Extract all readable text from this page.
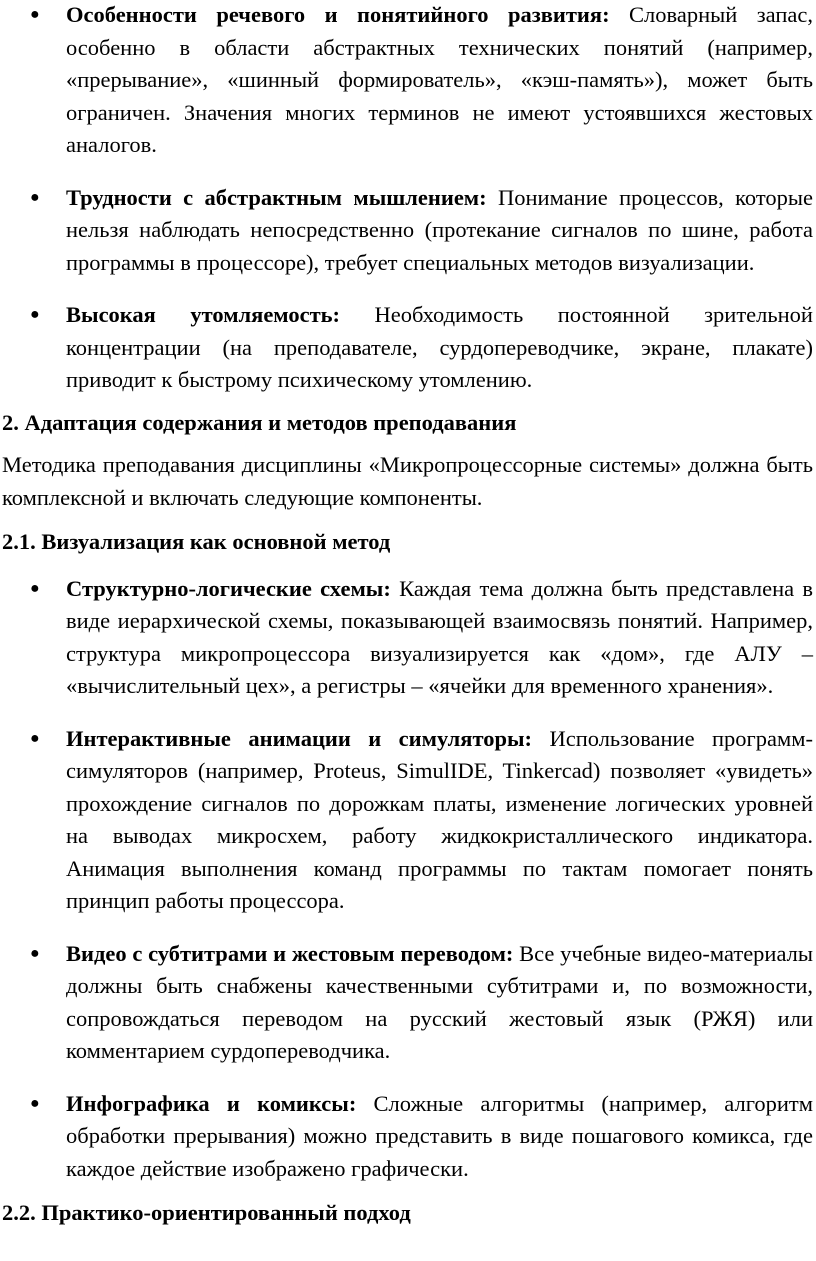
● Особенности речевого и понятийного развития: Словарный запас, особенно в области абстрактных технических понятий (например, «прерывание», «шинный формирователь», «кэш-память»), может быть ограничен. Значения многих терминов не имеют устоявшихся жестовых аналогов.
● Трудности с абстрактным мышлением: Понимание процессов, которые нельзя наблюдать непосредственно (протекание сигналов по шине, работа программы в процессоре), требует специальных методов визуализации.
● Высокая утомляемость: Необходимость постоянной зрительной концентрации (на преподавателе, сурдопереводчике, экране, плакате) приводит к быстрому психическому утомлению.

2. Адаптация содержания и методов преподавания

Методика преподавания дисциплины «Микропроцессорные системы» должна быть комплексной и включать следующие компоненты.

2.1. Визуализация как основной метод

● Структурно-логические схемы: Каждая тема должна быть представлена в виде иерархической схемы, показывающей взаимосвязь понятий. Например, структура микропроцессора визуализируется как «дом», где АЛУ – «вычислительный цех», а регистры – «ячейки для временного хранения».
● Интерактивные анимации и симуляторы: Использование программ-симуляторов (например, Proteus, SimulIDE, Tinkercad) позволяет «увидеть» прохождение сигналов по дорожкам платы, изменение логических уровней на выводах микросхем, работу жидкокристаллического индикатора. Анимация выполнения команд программы по тактам помогает понять принцип работы процессора.
● Видео с субтитрами и жестовым переводом: Все учебные видео-материалы должны быть снабжены качественными субтитрами и, по возможности, сопровождаться переводом на русский жестовый язык (РЖЯ) или комментарием сурдопереводчика.
● Инфографика и комиксы: Сложные алгоритмы (например, алгоритм обработки прерывания) можно представить в виде пошагового комикса, где каждое действие изображено графически.

2.2. Практико-ориентированный подход
